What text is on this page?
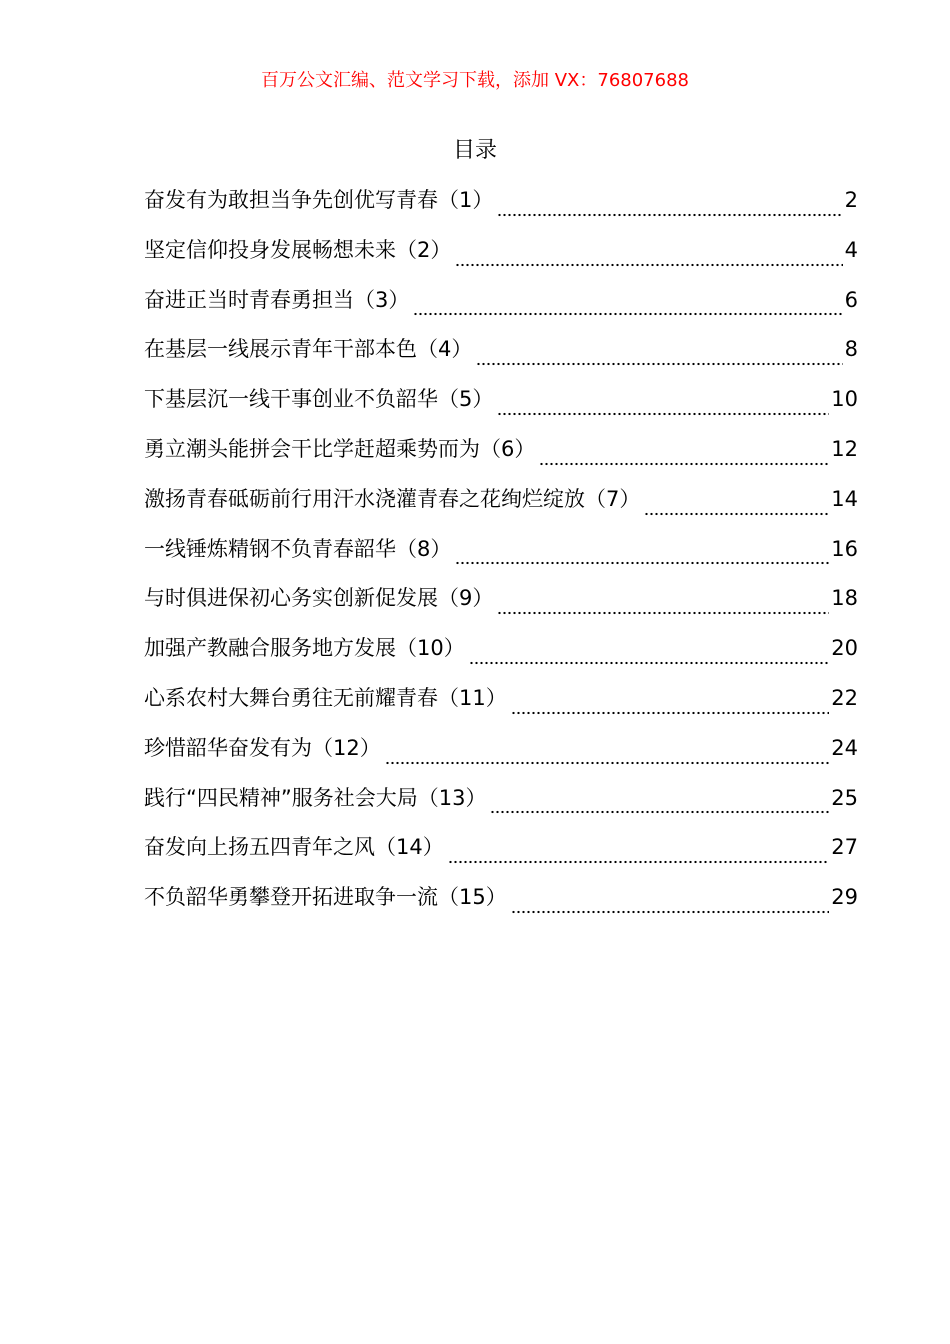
百万公文汇编、范文学习下载，添加 VX：76807688
目录
奋发有为敢担当争先创优写青春（1）	2
坚定信仰投身发展畅想未来（2）	4
奋进正当时青春勇担当（3）	6
在基层一线展示青年干部本色（4）	8
下基层沉一线干事创业不负韶华（5）	10
勇立潮头能拼会干比学赶超乘势而为（6）	12
激扬青春砥砺前行用汗水浇灌青春之花绚烂绽放（7）	14
一线锤炼精钢不负青春韶华（8）	16
与时俱进保初心务实创新促发展（9）	18
加强产教融合服务地方发展（10）	20
心系农村大舞台勇往无前耀青春（11）	22
珍惜韶华奋发有为（12）	24
践行“四民精神”服务社会大局（13）	25
奋发向上扬五四青年之风（14）	27
不负韶华勇攀登开拓进取争一流（15）	29
